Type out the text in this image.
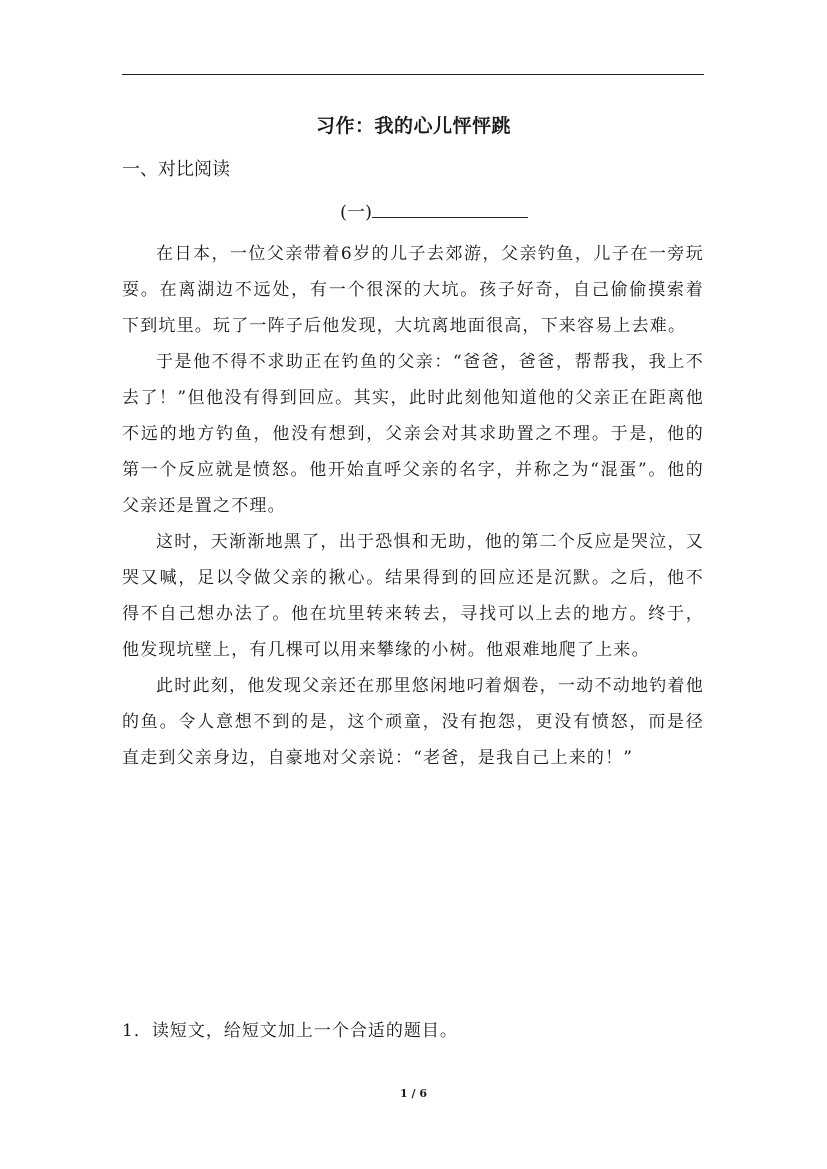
习作：我的心儿怦怦跳
一、对比阅读
(一)

在日本，一位父亲带着6岁的儿子去郊游，父亲钓鱼，儿子在一旁玩耍。在离湖边不远处，有一个很深的大坑。孩子好奇，自己偷偷摸索着下到坑里。玩了一阵子后他发现，大坑离地面很高，下来容易上去难。

于是他不得不求助正在钓鱼的父亲：“爸爸，爸爸，帮帮我，我上不去了！”但他没有得到回应。其实，此时此刻他知道他的父亲正在距离他不远的地方钓鱼，他没有想到，父亲会对其求助置之不理。于是，他的第一个反应就是愤怒。他开始直呼父亲的名字，并称之为“混蛋”。他的父亲还是置之不理。

这时，天渐渐地黑了，出于恐惧和无助，他的第二个反应是哭泣，又哭又喊，足以令做父亲的揪心。结果得到的回应还是沉默。之后，他不得不自己想办法了。他在坑里转来转去，寻找可以上去的地方。终于，他发现坑壁上，有几棵可以用来攀缘的小树。他艰难地爬了上来。

此时此刻，他发现父亲还在那里悠闲地叼着烟卷，一动不动地钓着他的鱼。令人意想不到的是，这个顽童，没有抱怨，更没有愤怒，而是径直走到父亲身边，自豪地对父亲说：“老爸，是我自己上来的！”

1．读短文，给短文加上一个合适的题目。
1 / 6
